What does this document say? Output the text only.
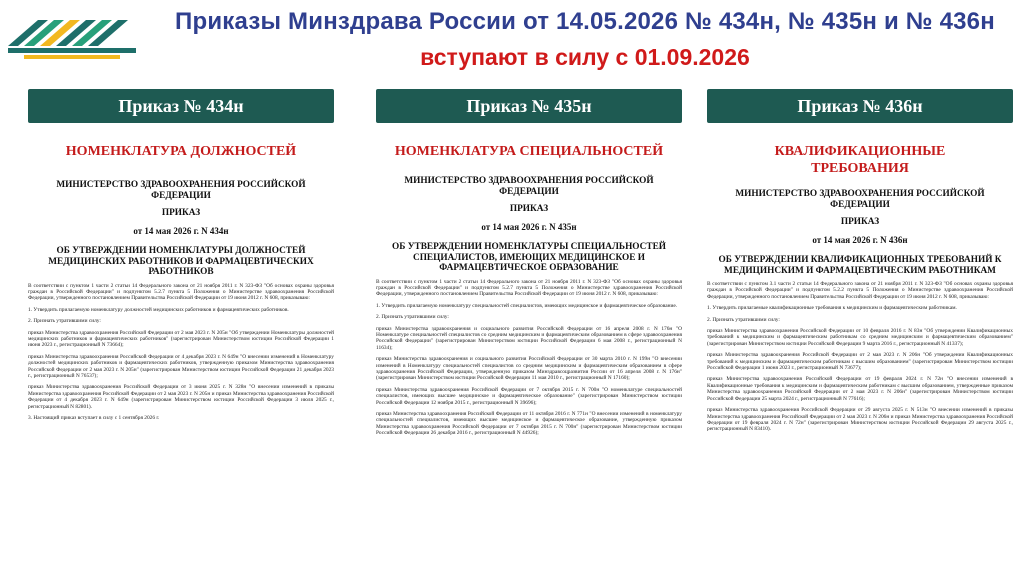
Приказы Минздрава России от 14.05.2026 № 434н, № 435н и № 436н
вступают в силу с 01.09.2026
Приказ № 434н
НОМЕНКЛАТУРА ДОЛЖНОСТЕЙ
МИНИСТЕРСТВО ЗДРАВООХРАНЕНИЯ РОССИЙСКОЙ ФЕДЕРАЦИИ
ПРИКАЗ
от 14 мая 2026 г. N 434н
ОБ УТВЕРЖДЕНИИ НОМЕНКЛАТУРЫ ДОЛЖНОСТЕЙ МЕДИЦИНСКИХ РАБОТНИКОВ И ФАРМАЦЕВТИЧЕСКИХ РАБОТНИКОВ
В соответствии с пунктом 1 части 2 статьи 14 Федерального закона от 21 ноября 2011 г. N 323-ФЗ "Об основах охраны здоровья граждан в Российской Федерации" и подпунктом 5.2.7 пункта 5 Положения о Министерстве здравоохранения Российской Федерации, утвержденного постановлением Правительства Российской Федерации от 19 июня 2012 г. N 608, приказываю:
1. Утвердить прилагаемую номенклатуру должностей медицинских работников и фармацевтических работников.
2. Признать утратившими силу:
приказ Министерства здравоохранения Российской Федерации от 2 мая 2023 г. N 205н "Об утверждении Номенклатуры должностей медицинских работников и фармацевтических работников" (зарегистрирован Министерством юстиции Российской Федерации 1 июня 2023 г., регистрационный N 73664);
приказ Министерства здравоохранения Российской Федерации от 4 декабря 2023 г. N 649н "О внесении изменений в Номенклатуру должностей медицинских работников и фармацевтических работников, утвержденную приказом Министерства здравоохранения Российской Федерации от 2 мая 2023 г. N 205н" (зарегистрирован Министерством юстиции Российской Федерации 21 декабря 2023 г., регистрационный N 76537);
приказ Министерства здравоохранения Российской Федерации от 3 июня 2025 г. N 328н "О внесении изменений в приказы Министерства здравоохранения Российской Федерации от 2 мая 2023 г. N 205н и приказ Министерства здравоохранения Российской Федерации от 4 декабря 2023 г. N 649н (зарегистрирован Министерством юстиции Российской Федерации 3 июля 2025 г., регистрационный N 82801).
3. Настоящий приказ вступает в силу с 1 сентября 2026 г.
Приказ № 435н
НОМЕНКЛАТУРА СПЕЦИАЛЬНОСТЕЙ
МИНИСТЕРСТВО ЗДРАВООХРАНЕНИЯ РОССИЙСКОЙ ФЕДЕРАЦИИ
ПРИКАЗ
от 14 мая 2026 г. N 435н
ОБ УТВЕРЖДЕНИИ НОМЕНКЛАТУРЫ СПЕЦИАЛЬНОСТЕЙ СПЕЦИАЛИСТОВ, ИМЕЮЩИХ МЕДИЦИНСКОЕ И ФАРМАЦЕВТИЧЕСКОЕ ОБРАЗОВАНИЕ
В соответствии с пунктом 1 части 2 статьи 14 Федерального закона от 21 ноября 2011 г. N 323-ФЗ "Об основах охраны здоровья граждан в Российской Федерации" и подпунктом 5.2.7 пункта 5 Положения о Министерстве здравоохранения Российской Федерации, утвержденного постановлением Правительства Российской Федерации от 19 июня 2012 г. N 608, приказываю:
1. Утвердить прилагаемую номенклатуру специальностей специалистов, имеющих медицинское и фармацевтическое образование.
2. Признать утратившими силу:
приказ Министерства здравоохранения и социального развития Российской Федерации от 16 апреля 2008 г. N 176н "О Номенклатуре специальностей специалистов со средним медицинским и фармацевтическим образованием в сфере здравоохранения Российской Федерации" (зарегистрирован Министерством юстиции Российской Федерации 6 мая 2008 г., регистрационный N 11634);
приказ Министерства здравоохранения и социального развития Российской Федерации от 30 марта 2010 г. N 199н "О внесении изменений в Номенклатуру специальностей специалистов со средним медицинским и фармацевтическим образованием в сфере здравоохранения Российской Федерации, утвержденную приказом Минздравсоцразвития России от 16 апреля 2008 г. N 176н" (зарегистрирован Министерством юстиции Российской Федерации 11 мая 2010 г., регистрационный N 17160);
приказ Министерства здравоохранения Российской Федерации от 7 октября 2015 г. N 700н "О номенклатуре специальностей специалистов, имеющих высшее медицинское и фармацевтическое образование" (зарегистрирован Министерством юстиции Российской Федерации 12 ноября 2015 г., регистрационный N 39696);
приказ Министерства здравоохранения Российской Федерации от 11 октября 2016 г. N 771н "О внесении изменений в номенклатуру специальностей специалистов, имеющих высшее медицинское и фармацевтическое образование, утвержденную приказом Министерства здравоохранения Российской Федерации от 7 октября 2015 г. N 700н" (зарегистрирован Министерством юстиции Российской Федерации 26 декабря 2016 г., регистрационный N 44926);
Приказ № 436н
КВАЛИФИКАЦИОННЫЕ ТРЕБОВАНИЯ
МИНИСТЕРСТВО ЗДРАВООХРАНЕНИЯ РОССИЙСКОЙ ФЕДЕРАЦИИ
ПРИКАЗ
от 14 мая 2026 г. N 436н
ОБ УТВЕРЖДЕНИИ КВАЛИФИКАЦИОННЫХ ТРЕБОВАНИЙ К МЕДИЦИНСКИМ И ФАРМАЦЕВТИЧЕСКИМ РАБОТНИКАМ
В соответствии с пунктом 3.1 части 2 статьи 14 Федерального закона от 21 ноября 2011 г. N 323-ФЗ "Об основах охраны здоровья граждан в Российской Федерации" и подпунктом 5.2.2 пункта 5 Положения о Министерстве здравоохранения Российской Федерации, утвержденного постановлением Правительства Российской Федерации от 19 июня 2012 г. N 608, приказываю:
1. Утвердить прилагаемые квалификационные требования к медицинским и фармацевтическим работникам.
2. Признать утратившими силу:
приказ Министерства здравоохранения Российской Федерации от 10 февраля 2016 г. N 83н "Об утверждении Квалификационных требований к медицинским и фармацевтическим работникам со средним медицинским и фармацевтическим образованием" (зарегистрирован Министерством юстиции Российской Федерации 9 марта 2016 г., регистрационный N 41337);
приказ Министерства здравоохранения Российской Федерации от 2 мая 2023 г. N 206н "Об утверждении Квалификационных требований к медицинским и фармацевтическим работникам с высшим образованием" (зарегистрирован Министерством юстиции Российской Федерации 1 июня 2023 г., регистрационный N 73677);
приказ Министерства здравоохранения Российской Федерации от 19 февраля 2024 г. N 72н "О внесении изменений в Квалификационные требования к медицинским и фармацевтическим работникам с высшим образованием, утвержденные приказом Министерства здравоохранения Российской Федерации от 2 мая 2023 г. N 206н" (зарегистрирован Министерством юстиции Российской Федерации 25 марта 2024 г., регистрационный N 77616);
приказ Министерства здравоохранения Российской Федерации от 29 августа 2025 г. N 513н "О внесении изменений в приказы Министерства здравоохранения Российской Федерации от 2 мая 2023 г. N 206н и приказ Министерства здравоохранения Российской Федерации от 19 февраля 2024 г. N 72н" (зарегистрирован Министерством юстиции Российской Федерации 29 августа 2025 г., регистрационный N 83410).
